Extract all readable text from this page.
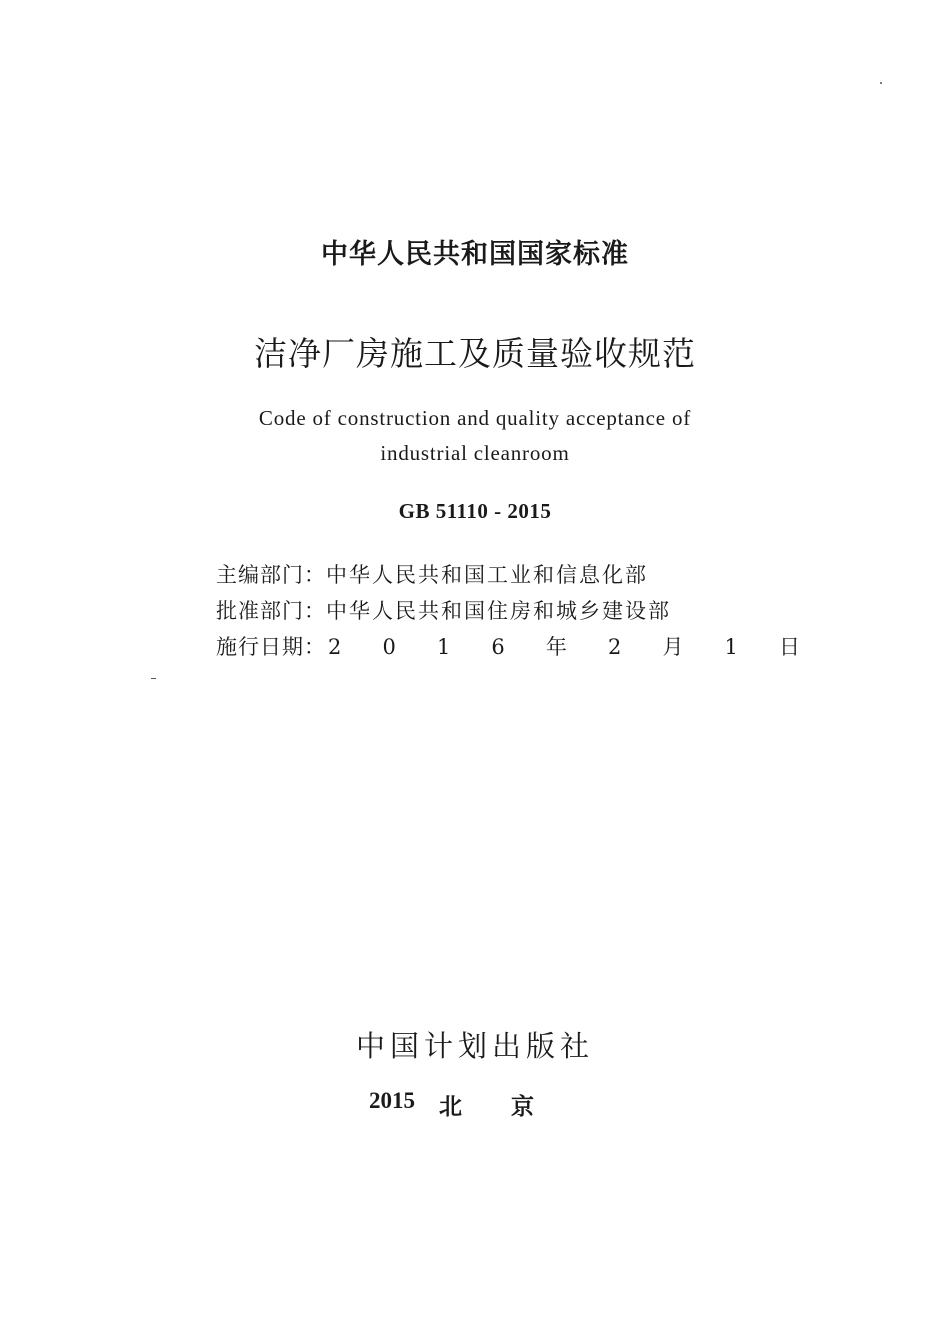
中华人民共和国国家标准
洁净厂房施工及质量验收规范
Code of construction and quality acceptance of
industrial cleanroom
GB 51110 - 2015
主编部门： 中华人民共和国工业和信息化部
批准部门： 中华人民共和国住房和城乡建设部
施行日期： 2 0 1 6 年 2 月 1 日
中国计划出版社
2015	北	京
